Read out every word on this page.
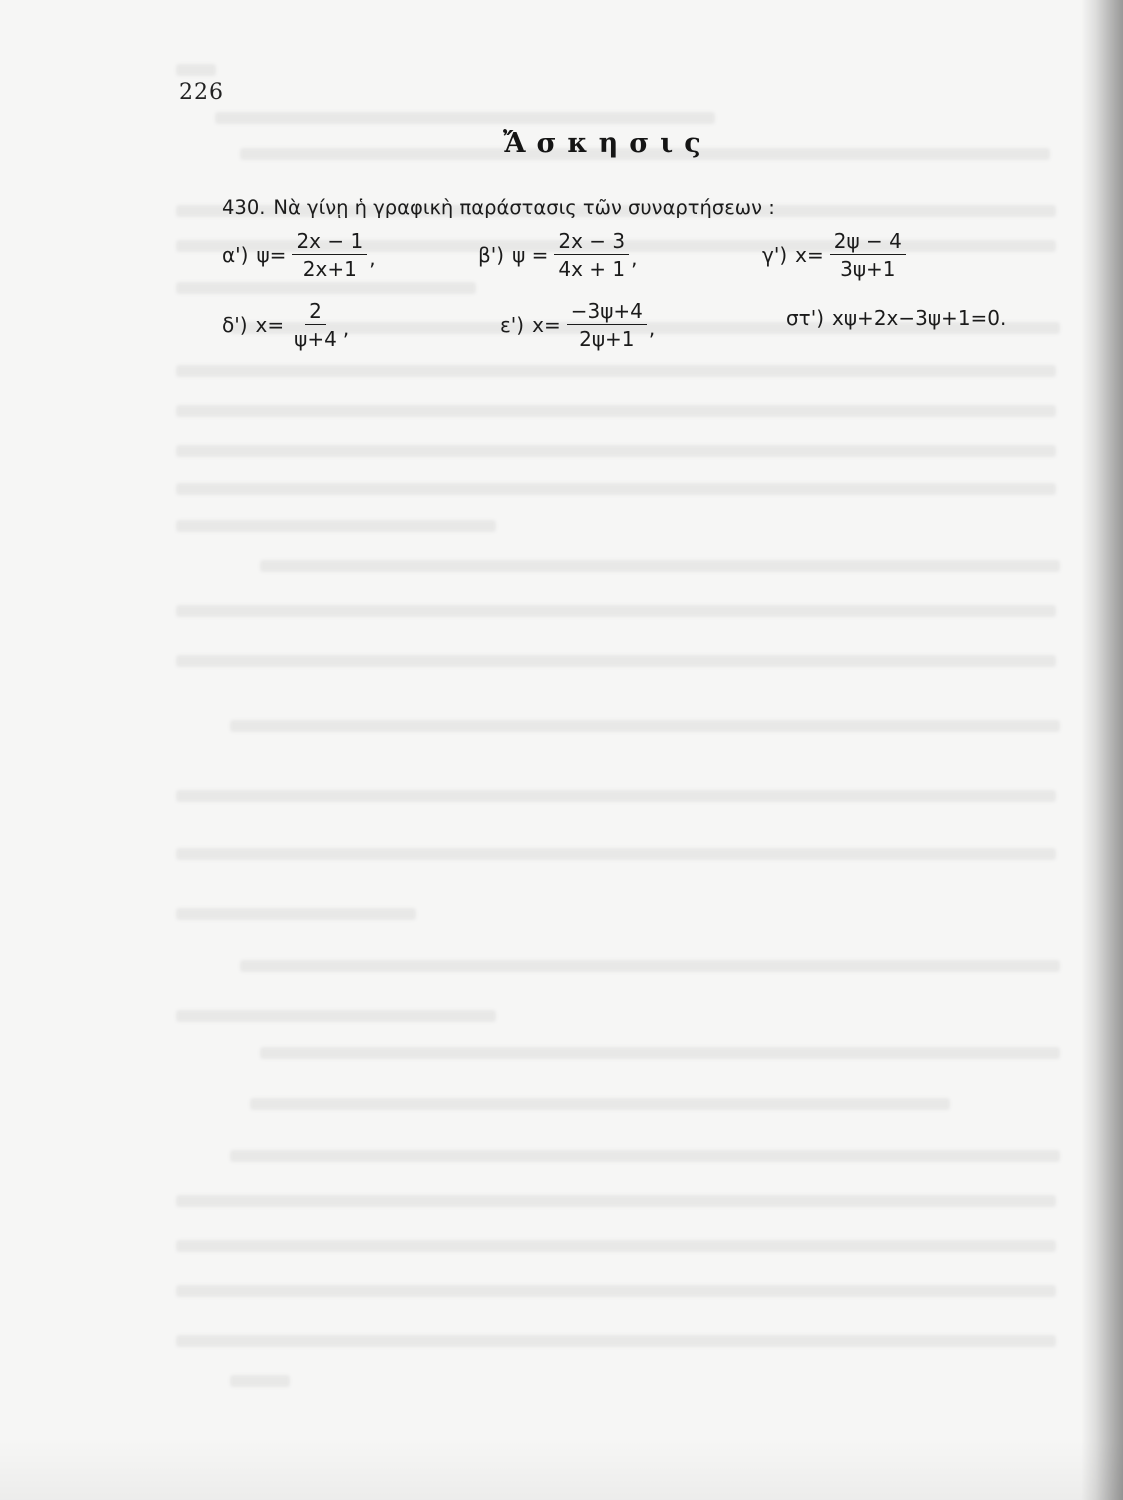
226
Ἄσκησις
430. Νὰ γίνῃ ἡ γραφικὴ παράστασις τῶν συναρτήσεων :
α') $\psi= \frac{2x - 1}{2x+1}$ ,	β') $\psi = \frac{2x - 3}{4x + 1}$ ,	γ') $x= \frac{2\psi - 4}{3\psi+1}$
δ') $x= \frac{2}{\psi+4}$ ,	ε') $x= \frac{-3\psi+4}{2\psi+1}$ ,	στ') xψ+2x−3ψ+1=0.
